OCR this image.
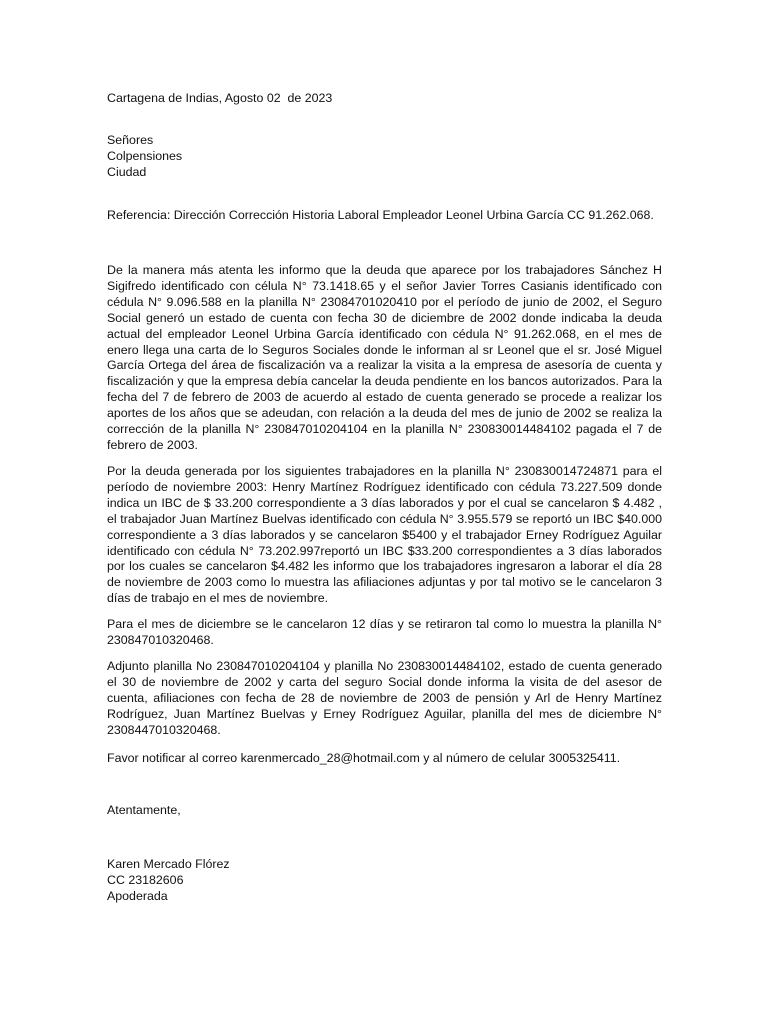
Cartagena de Indias, Agosto 02  de 2023
Señores
Colpensiones
Ciudad
Referencia: Dirección Corrección Historia Laboral Empleador Leonel Urbina García CC 91.262.068.

De la manera más atenta les informo que la deuda que aparece por los trabajadores Sánchez H Sigifredo identificado con célula N° 73.1418.65 y el señor Javier Torres Casianis identificado con cédula N° 9.096.588 en la planilla N° 23084701020410 por el período de junio de 2002, el Seguro Social generó un estado de cuenta con fecha 30 de diciembre de 2002 donde indicaba la deuda actual del empleador Leonel Urbina García identificado con cédula N° 91.262.068, en el mes de enero llega una carta de lo Seguros Sociales donde le informan al sr Leonel que el sr. José Miguel García Ortega del área de fiscalización va a realizar la visita a la empresa de asesoría de cuenta y fiscalización y que la empresa debía cancelar la deuda pendiente en los bancos autorizados. Para la fecha del 7 de febrero de 2003 de acuerdo al estado de cuenta generado se procede a realizar los aportes de los años que se adeudan, con relación a la deuda del mes de junio de 2002 se realiza la corrección de la planilla N° 230847010204104 en la planilla N° 230830014484102 pagada el 7 de febrero de 2003.

Por la deuda generada por los siguientes trabajadores en la planilla N° 230830014724871 para el período de noviembre 2003: Henry Martínez Rodríguez identificado con cédula 73.227.509 donde indica un IBC de $ 33.200 correspondiente a 3 días laborados y por el cual se cancelaron $ 4.482 , el trabajador Juan Martínez Buelvas identificado con cédula N° 3.955.579 se reportó un IBC $40.000 correspondiente a 3 días laborados y se cancelaron $5400 y el trabajador Erney Rodríguez Aguilar identificado con cédula N° 73.202.997reportó un IBC $33.200 correspondientes a 3 días laborados por los cuales se cancelaron $4.482 les informo que los trabajadores ingresaron a laborar el día 28 de noviembre de 2003 como lo muestra las afiliaciones adjuntas y por tal motivo se le cancelaron 3 días de trabajo en el mes de noviembre.

Para el mes de diciembre se le cancelaron 12 días y se retiraron tal como lo muestra la planilla N° 230847010320468.

Adjunto planilla No 230847010204104 y planilla No 230830014484102, estado de cuenta generado el 30 de noviembre de 2002 y carta del seguro Social donde informa la visita de del asesor de cuenta, afiliaciones con fecha de 28 de noviembre de 2003 de pensión y Arl de Henry Martínez Rodríguez, Juan Martínez Buelvas y Erney Rodríguez Aguilar, planilla del mes de diciembre N° 2308447010320468.

Favor notificar al correo karenmercado_28@hotmail.com y al número de celular 3005325411.
Atentamente,
Karen Mercado Flórez
CC 23182606
Apoderada
